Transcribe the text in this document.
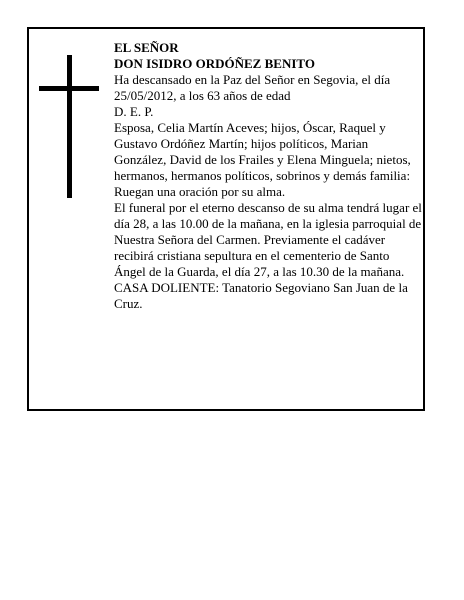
EL SEÑOR

DON ISIDRO ORDÓÑEZ BENITO

Ha descansado en la Paz del Señor en Segovia, el día 25/05/2012, a los 63 años de edad

D. E. P.

Esposa, Celia Martín Aceves; hijos, Óscar, Raquel y Gustavo Ordóñez Martín; hijos políticos, Marian González, David de los Frailes y Elena Minguela; nietos, hermanos, hermanos políticos, sobrinos y demás familia:

Ruegan una oración por su alma.

El funeral por el eterno descanso de su alma tendrá lugar el día 28, a las 10.00 de la mañana, en la iglesia parroquial de Nuestra Señora del Carmen. Previamente el cadáver recibirá cristiana sepultura en el cementerio de Santo Ángel de la Guarda, el día 27, a las 10.30 de la mañana.

CASA DOLIENTE: Tanatorio Segoviano San Juan de la Cruz.
